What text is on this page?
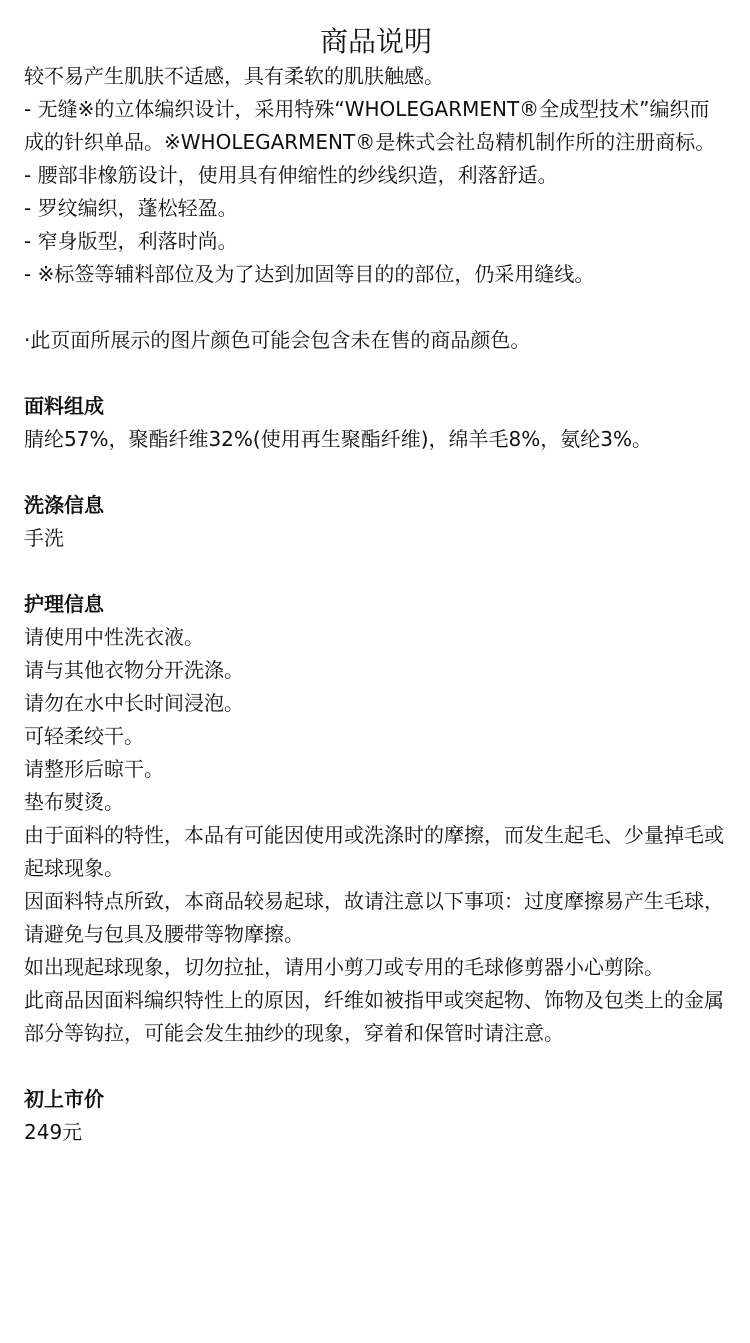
商品说明
较不易产生肌肤不适感，具有柔软的肌肤触感。
- 无缝※的立体编织设计，采用特殊“WHOLEGARMENT®全成型技术”编织而成的针织单品。※WHOLEGARMENT®是株式会社岛精机制作所的注册商标。
- 腰部非橡筋设计，使用具有伸缩性的纱线织造，利落舒适。
- 罗纹编织，蓬松轻盈。
- 窄身版型，利落时尚。
- ※标签等辅料部位及为了达到加固等目的的部位，仍采用缝线。
·此页面所展示的图片颜色可能会包含未在售的商品颜色。
面料组成
腈纶57%，聚酯纤维32%(使用再生聚酯纤维)，绵羊毛8%，氨纶3%。
洗涤信息
手洗
护理信息
请使用中性洗衣液。
请与其他衣物分开洗涤。
请勿在水中长时间浸泡。
可轻柔绞干。
请整形后晾干。
垫布熨烫。
由于面料的特性，本品有可能因使用或洗涤时的摩擦，而发生起毛、少量掉毛或起球现象。
因面料特点所致，本商品较易起球，故请注意以下事项：过度摩擦易产生毛球，请避免与包具及腰带等物摩擦。
如出现起球现象，切勿拉扯，请用小剪刀或专用的毛球修剪器小心剪除。
此商品因面料编织特性上的原因，纤维如被指甲或突起物、饰物及包类上的金属部分等钩拉，可能会发生抽纱的现象，穿着和保管时请注意。
初上市价
249元
